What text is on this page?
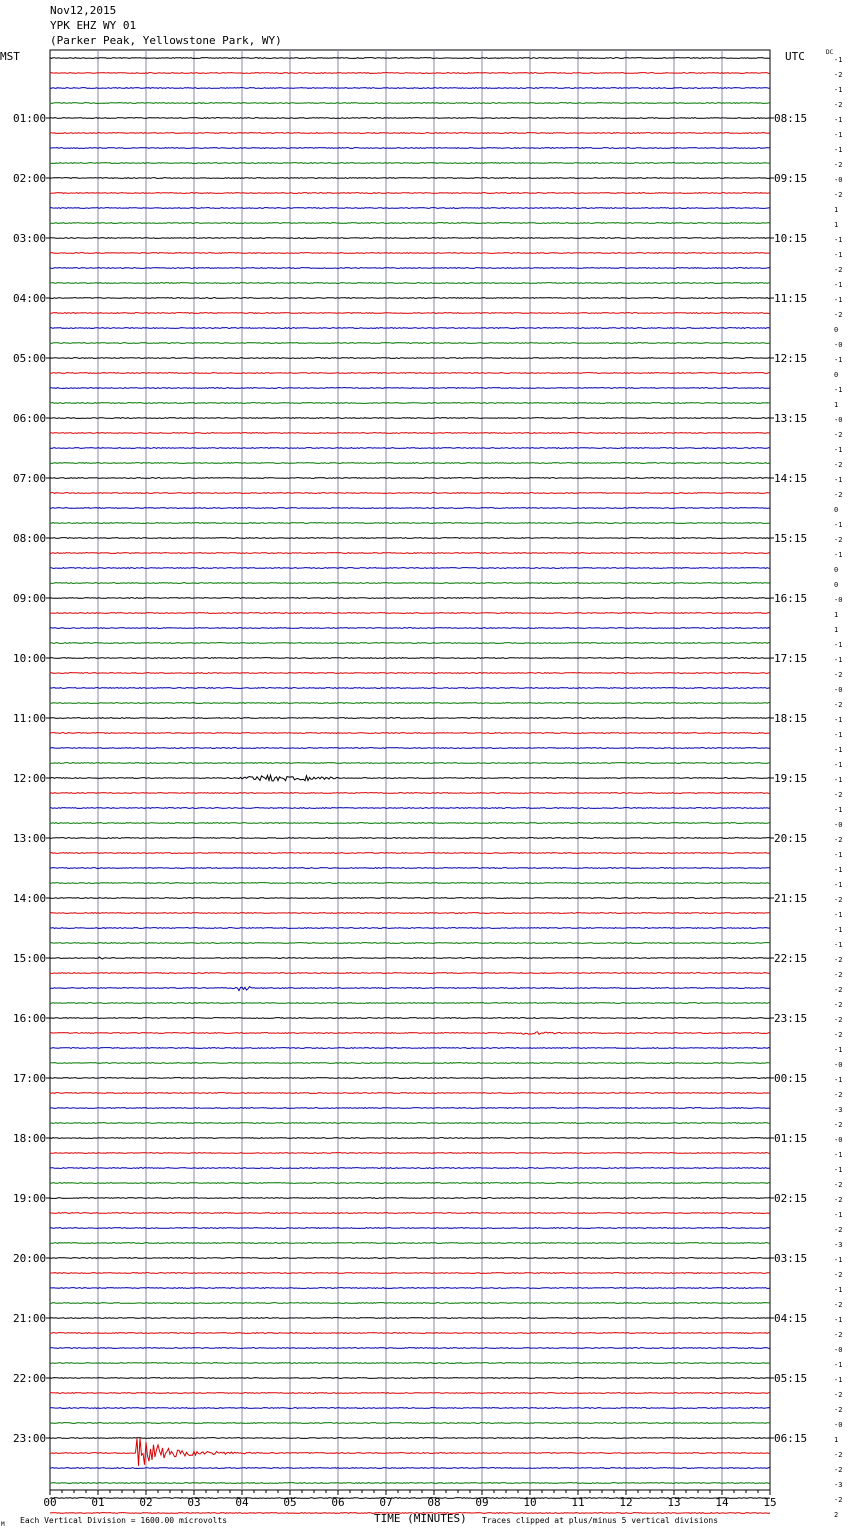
Nov12,2015
YPK EHZ WY 01
(Parker Peak, Yellowstone Park, WY)
MST	UTC	DC
-1
-2
-1
-2
-1
-1
-1
-2
-0
-2
1
1
-1
-1
-2
-1
-1
-2
0
-0
-1
0
-1
1
-0
-2
-1
-2
-1
-2
0
-1
-2
-1
0
0
-0
1
1
-1
-1
-2
-0
-2
-1
-1
-1
-1
-1
-2
-1
-0
-2
-1
-1
-1
-2
-1
-1
-1
-2
-2
-2
-2
-2
-2
-1
-0
-1
-2
-3
-2
-0
-1
-1
-2
-2
-1
-2
-3
-1
-2
-1
-2
-1
-2
-0
-1
-1
-2
-2
-0
1
-2
-2
-3
-2
2
01:00
02:00
03:00
04:00
05:00
06:00
07:00
08:00
09:00
10:00
11:00
12:00
13:00
14:00
15:00
16:00
17:00
18:00
19:00
20:00
21:00
22:00
23:00
08:15
09:15
10:15
11:15
12:15
13:15
14:15
15:15
16:15
17:15
18:15
19:15
20:15
21:15
22:15
23:15
00:15
01:15
02:15
03:15
04:15
05:15
06:15
00	01	02	03	04	05	06	07	08	09	10	11	12	13	14	15
TIME (MINUTES)
M Each Vertical Division = 1600.00 microvolts	Traces clipped at plus/minus 5 vertical divisions
